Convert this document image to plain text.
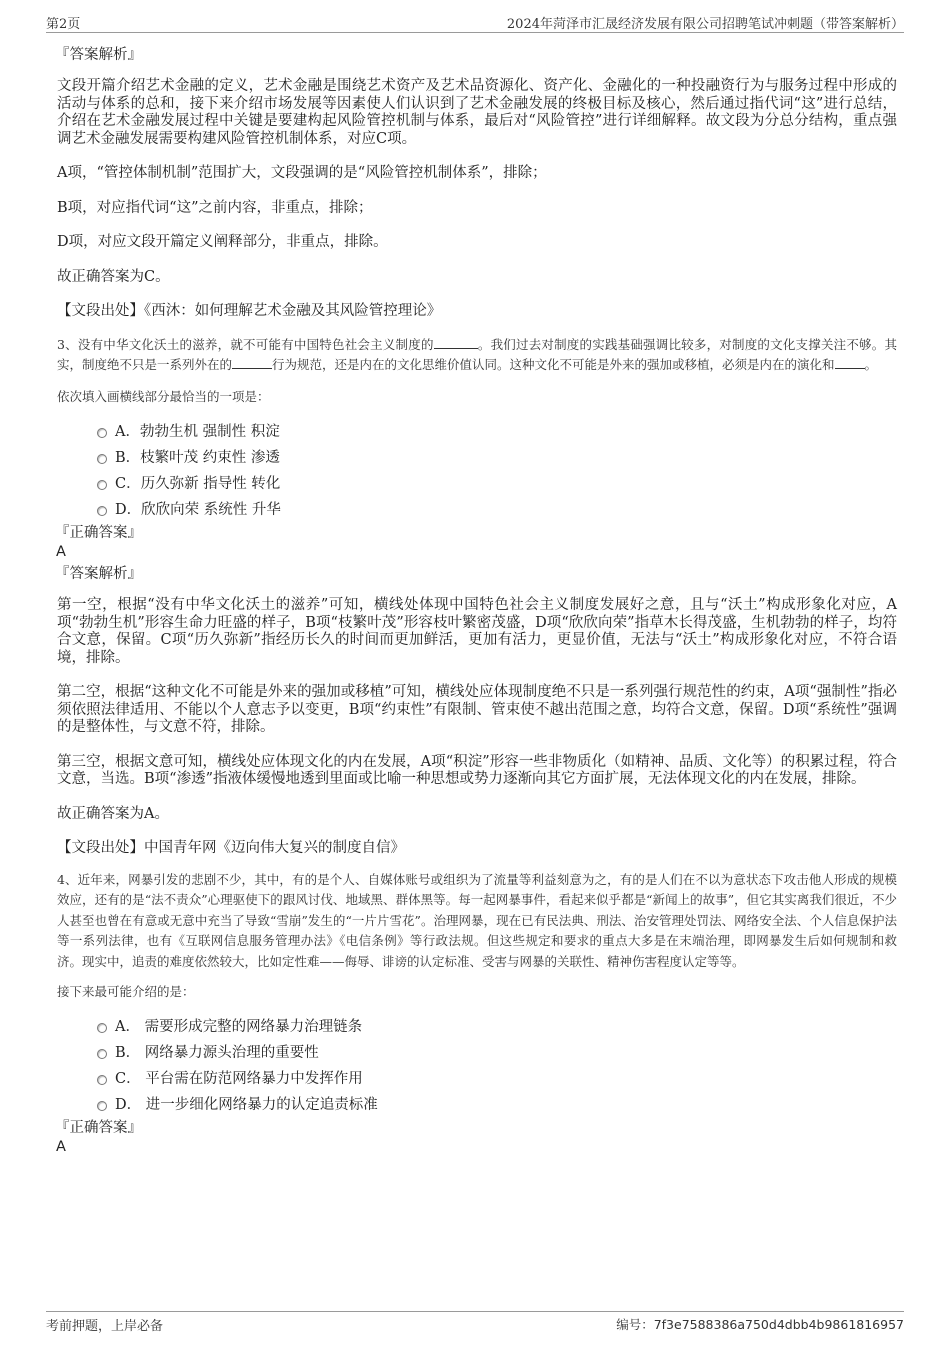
第2页	2024年菏泽市汇晟经济发展有限公司招聘笔试冲刺题（带答案解析）

『答案解析』

文段开篇介绍艺术金融的定义，艺术金融是围绕艺术资产及艺术品资源化、资产化、金融化的一种投融资行为与服务过程中形成的活动与体系的总和，接下来介绍市场发展等因素使人们认识到了艺术金融发展的终极目标及核心，然后通过指代词“这”进行总结，介绍在艺术金融发展过程中关键是要建构起风险管控机制与体系，最后对“风险管控”进行详细解释。故文段为分总分结构，重点强调艺术金融发展需要构建风险管控机制体系，对应C项。

A项，“管控体制机制”范围扩大，文段强调的是“风险管控机制体系”，排除；

B项，对应指代词“这”之前内容，非重点，排除；

D项，对应文段开篇定义阐释部分，非重点，排除。

故正确答案为C。

【文段出处】《西沐：如何理解艺术金融及其风险管控理论》

3、没有中华文化沃土的滋养，就不可能有中国特色社会主义制度的	。我们过去对制度的实践基础强调比较多，对制度的文化支撑关注不够。其实，制度绝不只是一系列外在的	行为规范，还是内在的文化思维价值认同。这种文化不可能是外来的强加或移植，必须是内在的演化和 。

依次填入画横线部分最恰当的一项是：

A．勃勃生机 强制性 积淀
B．枝繁叶茂 约束性 渗透
C．历久弥新 指导性 转化
D．欣欣向荣 系统性 升华

『正确答案』

A

『答案解析』

第一空，根据“没有中华文化沃土的滋养”可知，横线处体现中国特色社会主义制度发展好之意，且与“沃土”构成形象化对应，A项“勃勃生机”形容生命力旺盛的样子，B项“枝繁叶茂”形容枝叶繁密茂盛，D项“欣欣向荣”指草木长得茂盛，生机勃勃的样子，均符合文意，保留。C项“历久弥新”指经历长久的时间而更加鲜活，更加有活力，更显价值，无法与“沃土”构成形象化对应，不符合语境，排除。

第二空，根据“这种文化不可能是外来的强加或移植”可知，横线处应体现制度绝不只是一系列强行规范性的约束，A项“强制性”指必须依照法律适用、不能以个人意志予以变更，B项“约束性”有限制、管束使不越出范围之意，均符合文意，保留。D项“系统性”强调的是整体性，与文意不符，排除。

第三空，根据文意可知，横线处应体现文化的内在发展，A项“积淀”形容一些非物质化（如精神、品质、文化等）的积累过程，符合文意，当选。B项“渗透”指液体缓慢地透到里面或比喻一种思想或势力逐渐向其它方面扩展，无法体现文化的内在发展，排除。

故正确答案为A。

【文段出处】中国青年网《迈向伟大复兴的制度自信》

4、近年来，网暴引发的悲剧不少，其中，有的是个人、自媒体账号或组织为了流量等利益刻意为之，有的是人们在不以为意状态下攻击他人形成的规模效应，还有的是“法不责众”心理驱使下的跟风讨伐、地域黑、群体黑等。每一起网暴事件，看起来似乎都是“新闻上的故事”，但它其实离我们很近，不少人甚至也曾在有意或无意中充当了导致“雪崩”发生的“一片片雪花”。治理网暴，现在已有民法典、刑法、治安管理处罚法、网络安全法、个人信息保护法等一系列法律，也有《互联网信息服务管理办法》《电信条例》等行政法规。但这些规定和要求的重点大多是在末端治理，即网暴发生后如何规制和救济。现实中，追责的难度依然较大，比如定性难——侮辱、诽谤的认定标准、受害与网暴的关联性、精神伤害程度认定等等。

接下来最可能介绍的是：

A． 需要形成完整的网络暴力治理链条
B． 网络暴力源头治理的重要性
C． 平台需在防范网络暴力中发挥作用
D． 进一步细化网络暴力的认定追责标准

『正确答案』

A

考前押题，上岸必备	编号：7f3e7588386a750d4dbb4b9861816957
